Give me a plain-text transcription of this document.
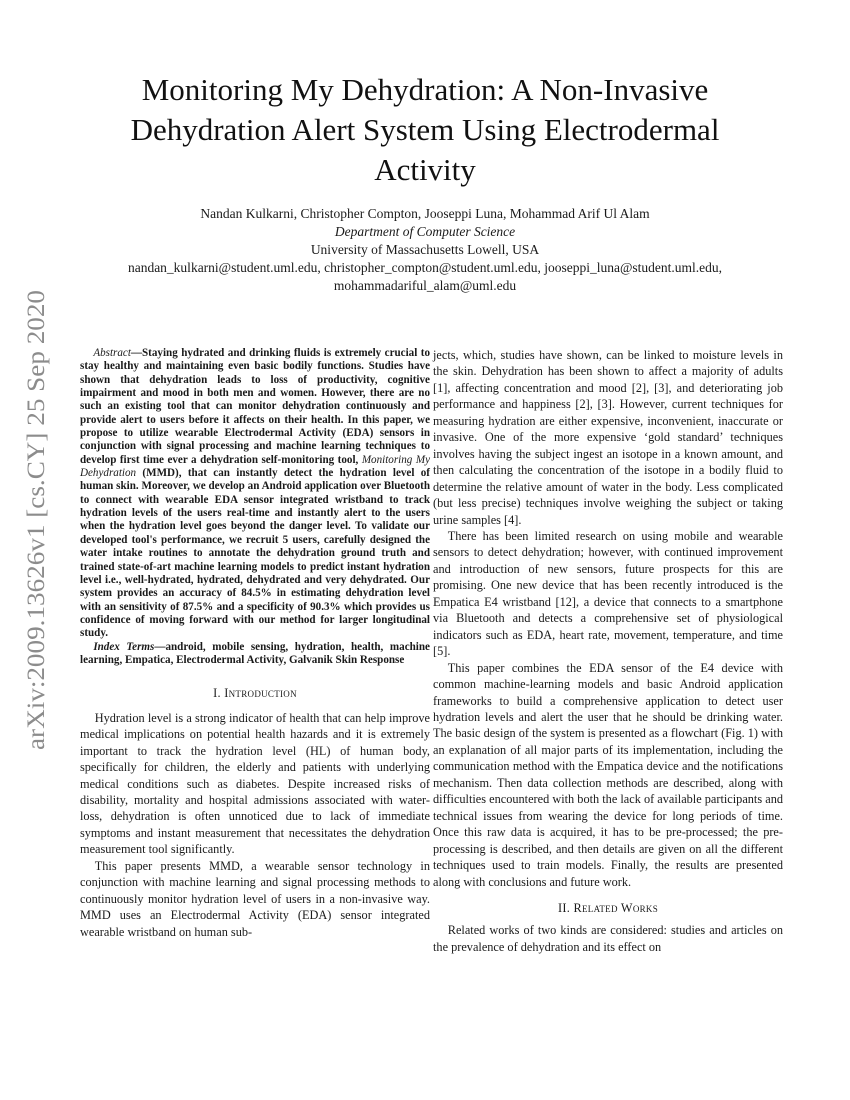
arXiv:2009.13626v1 [cs.CY] 25 Sep 2020
Monitoring My Dehydration: A Non-Invasive Dehydration Alert System Using Electrodermal Activity
Nandan Kulkarni, Christopher Compton, Jooseppi Luna, Mohammad Arif Ul Alam
Department of Computer Science
University of Massachusetts Lowell, USA
nandan_kulkarni@student.uml.edu, christopher_compton@student.uml.edu, jooseppi_luna@student.uml.edu,
mohammadariful_alam@uml.edu

Abstract—Staying hydrated and drinking fluids is extremely crucial to stay healthy and maintaining even basic bodily functions. Studies have shown that dehydration leads to loss of productivity, cognitive impairment and mood in both men and women. However, there are no such an existing tool that can monitor dehydration continuously and provide alert to users before it affects on their health. In this paper, we propose to utilize wearable Electrodermal Activity (EDA) sensors in conjunction with signal processing and machine learning techniques to develop first time ever a dehydration self-monitoring tool, Monitoring My Dehydration (MMD), that can instantly detect the hydration level of human skin. Moreover, we develop an Android application over Bluetooth to connect with wearable EDA sensor integrated wristband to track hydration levels of the users real-time and instantly alert to the users when the hydration level goes beyond the danger level. To validate our developed tool's performance, we recruit 5 users, carefully designed the water intake routines to annotate the dehydration ground truth and trained state-of-art machine learning models to predict instant hydration level i.e., well-hydrated, hydrated, dehydrated and very dehydrated. Our system provides an accuracy of 84.5% in estimating dehydration level with an sensitivity of 87.5% and a specificity of 90.3% which provides us confidence of moving forward with our method for larger longitudinal study.

Index Terms—android, mobile sensing, hydration, health, machine learning, Empatica, Electrodermal Activity, Galvanik Skin Response

I. Introduction

Hydration level is a strong indicator of health that can help improve medical implications on potential health hazards and it is extremely important to track the hydration level (HL) of human body, specifically for children, the elderly and patients with underlying medical conditions such as diabetes. Despite increased risks of disability, mortality and hospital admissions associated with water-loss, dehydration is often unnoticed due to lack of immediate symptoms and instant measurement that necessitates the dehydration measurement tool significantly.

This paper presents MMD, a wearable sensor technology in conjunction with machine learning and signal processing methods to continuously monitor hydration level of users in a non-invasive way. MMD uses an Electrodermal Activity (EDA) sensor integrated wearable wristband on human sub-

jects, which, studies have shown, can be linked to moisture levels in the skin. Dehydration has been shown to affect a majority of adults [1], affecting concentration and mood [2], [3], and deteriorating job performance and happiness [2], [3]. However, current techniques for measuring hydration are either expensive, inconvenient, inaccurate or invasive. One of the more expensive ‘gold standard’ techniques involves having the subject ingest an isotope in a known amount, and then calculating the concentration of the isotope in a bodily fluid to determine the relative amount of water in the body. Less complicated (but less precise) techniques involve weighing the subject or taking urine samples [4].

There has been limited research on using mobile and wearable sensors to detect dehydration; however, with continued improvement and introduction of new sensors, future prospects for this are promising. One new device that has been recently introduced is the Empatica E4 wristband [12], a device that connects to a smartphone via Bluetooth and detects a comprehensive set of physiological indicators such as EDA, heart rate, movement, temperature, and time [5].

This paper combines the EDA sensor of the E4 device with common machine-learning models and basic Android application frameworks to build a comprehensive application to detect user hydration levels and alert the user that he should be drinking water. The basic design of the system is presented as a flowchart (Fig. 1) with an explanation of all major parts of its implementation, including the communication method with the Empatica device and the notifications mechanism. Then data collection methods are described, along with difficulties encountered with both the lack of available participants and technical issues from wearing the device for long periods of time. Once this raw data is acquired, it has to be pre-processed; the pre-processing is described, and then details are given on all the different techniques used to train models. Finally, the results are presented along with conclusions and future work.

II. Related Works

Related works of two kinds are considered: studies and articles on the prevalence of dehydration and its effect on
